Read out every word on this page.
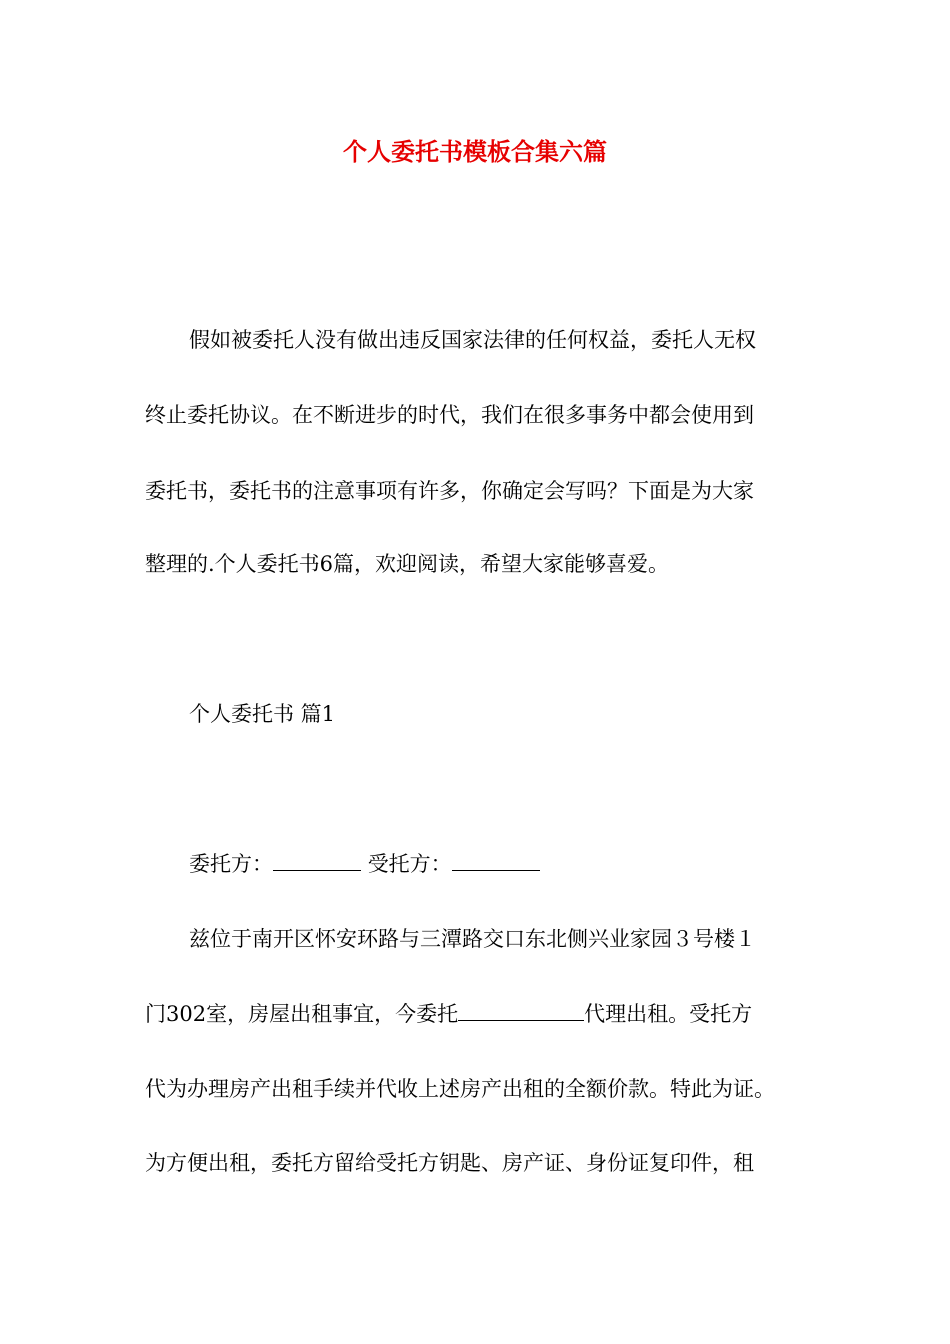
个人委托书模板合集六篇

假如被委托人没有做出违反国家法律的任何权益，委托人无权

终止委托协议。在不断进步的时代，我们在很多事务中都会使用到

委托书，委托书的注意事项有许多，你确定会写吗？下面是为大家

整理的.个人委托书6篇，欢迎阅读，希望大家能够喜爱。

个人委托书 篇1

委托方：	受托方：

兹位于南开区怀安环路与三潭路交口东北侧兴业家园３号楼１

门302室，房屋出租事宜，今委托	代理出租。受托方

代为办理房产出租手续并代收上述房产出租的全额价款。特此为证。

为方便出租，委托方留给受托方钥匙、房产证、身份证复印件，租
